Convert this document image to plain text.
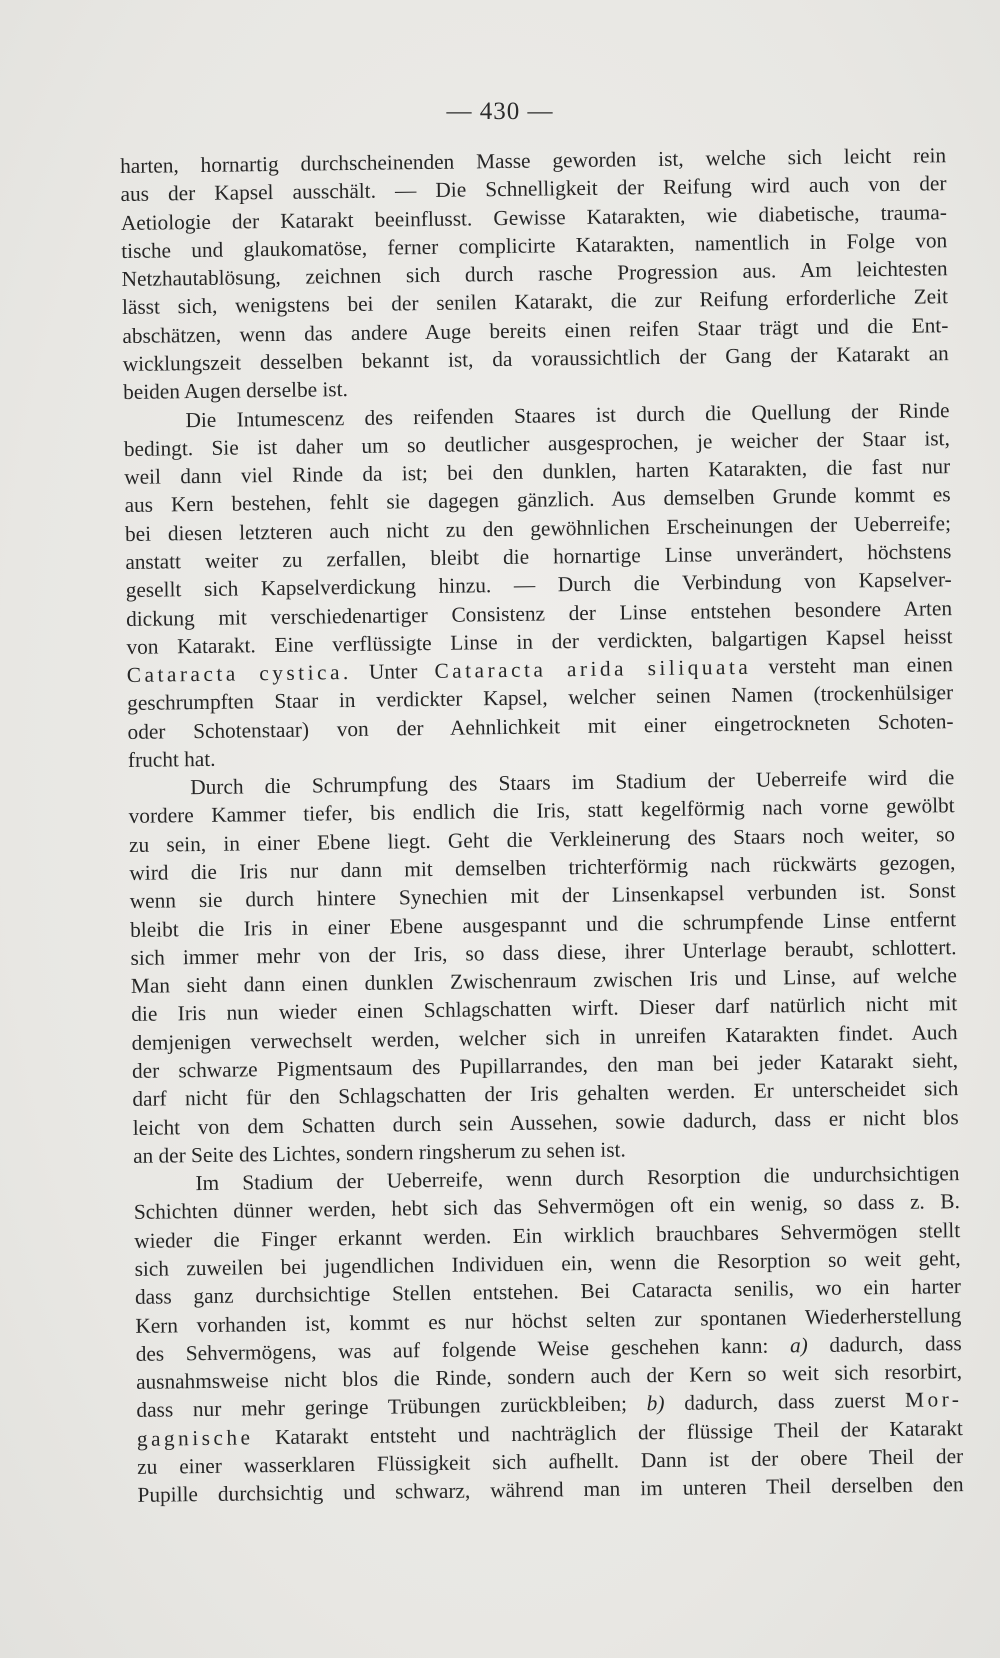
— 430 —

harten, hornartig durchscheinenden Masse geworden ist, welche sich leicht rein
aus der Kapsel ausschält. — Die Schnelligkeit der Reifung wird auch von der
Aetiologie der Katarakt beeinflusst. Gewisse Katarakten, wie diabetische, trauma-
tische und glaukomatöse, ferner complicirte Katarakten, namentlich in Folge von
Netzhautablösung, zeichnen sich durch rasche Progression aus. Am leichtesten
lässt sich, wenigstens bei der senilen Katarakt, die zur Reifung erforderliche Zeit
abschätzen, wenn das andere Auge bereits einen reifen Staar trägt und die Ent-
wicklungszeit desselben bekannt ist, da voraussichtlich der Gang der Katarakt an
beiden Augen derselbe ist.

Die Intumescenz des reifenden Staares ist durch die Quellung der Rinde
bedingt. Sie ist daher um so deutlicher ausgesprochen, je weicher der Staar ist,
weil dann viel Rinde da ist; bei den dunklen, harten Katarakten, die fast nur
aus Kern bestehen, fehlt sie dagegen gänzlich. Aus demselben Grunde kommt es
bei diesen letzteren auch nicht zu den gewöhnlichen Erscheinungen der Ueberreife;
anstatt weiter zu zerfallen, bleibt die hornartige Linse unverändert, höchstens
gesellt sich Kapselverdickung hinzu. — Durch die Verbindung von Kapselver-
dickung mit verschiedenartiger Consistenz der Linse entstehen besondere Arten
von Katarakt. Eine verflüssigte Linse in der verdickten, balgartigen Kapsel heisst
Cataracta cystica. Unter Cataracta arida siliquata versteht man einen
geschrumpften Staar in verdickter Kapsel, welcher seinen Namen (trockenhülsiger
oder Schotenstaar) von der Aehnlichkeit mit einer eingetrockneten Schoten-
frucht hat.

Durch die Schrumpfung des Staars im Stadium der Ueberreife wird die
vordere Kammer tiefer, bis endlich die Iris, statt kegelförmig nach vorne gewölbt
zu sein, in einer Ebene liegt. Geht die Verkleinerung des Staars noch weiter, so
wird die Iris nur dann mit demselben trichterförmig nach rückwärts gezogen,
wenn sie durch hintere Synechien mit der Linsenkapsel verbunden ist. Sonst
bleibt die Iris in einer Ebene ausgespannt und die schrumpfende Linse entfernt
sich immer mehr von der Iris, so dass diese, ihrer Unterlage beraubt, schlottert.
Man sieht dann einen dunklen Zwischenraum zwischen Iris und Linse, auf welche
die Iris nun wieder einen Schlagschatten wirft. Dieser darf natürlich nicht mit
demjenigen verwechselt werden, welcher sich in unreifen Katarakten findet. Auch
der schwarze Pigmentsaum des Pupillarrandes, den man bei jeder Katarakt sieht,
darf nicht für den Schlagschatten der Iris gehalten werden. Er unterscheidet sich
leicht von dem Schatten durch sein Aussehen, sowie dadurch, dass er nicht blos
an der Seite des Lichtes, sondern ringsherum zu sehen ist.

Im Stadium der Ueberreife, wenn durch Resorption die undurchsichtigen
Schichten dünner werden, hebt sich das Sehvermögen oft ein wenig, so dass z. B.
wieder die Finger erkannt werden. Ein wirklich brauchbares Sehvermögen stellt
sich zuweilen bei jugendlichen Individuen ein, wenn die Resorption so weit geht,
dass ganz durchsichtige Stellen entstehen. Bei Cataracta senilis, wo ein harter
Kern vorhanden ist, kommt es nur höchst selten zur spontanen Wiederherstellung
des Sehvermögens, was auf folgende Weise geschehen kann: a) dadurch, dass
ausnahmsweise nicht blos die Rinde, sondern auch der Kern so weit sich resorbirt,
dass nur mehr geringe Trübungen zurückbleiben; b) dadurch, dass zuerst Mor-
gagnische Katarakt entsteht und nachträglich der flüssige Theil der Katarakt
zu einer wasserklaren Flüssigkeit sich aufhellt. Dann ist der obere Theil der
Pupille durchsichtig und schwarz, während man im unteren Theil derselben den
